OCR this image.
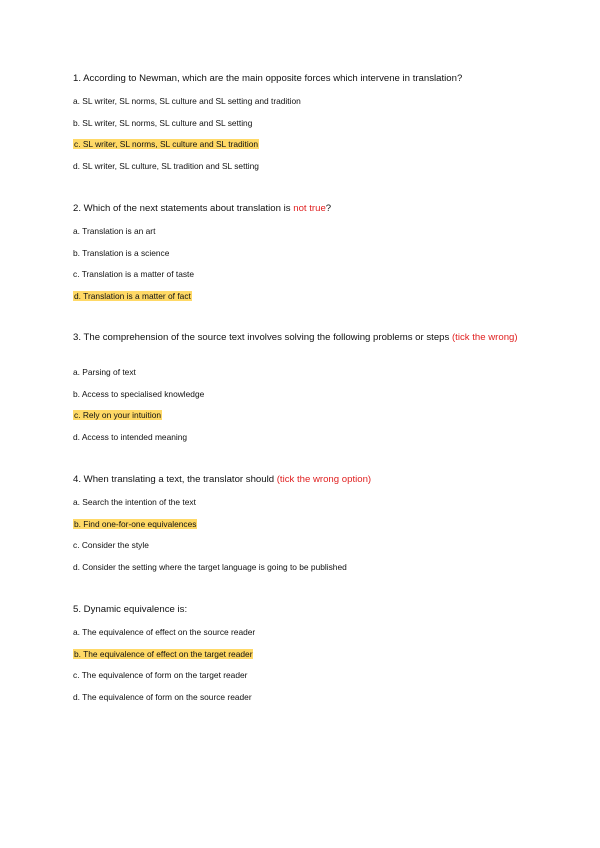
1. According to Newman, which are the main opposite forces which intervene in translation?
a. SL writer, SL norms, SL culture and SL setting and tradition
b. SL writer, SL norms, SL culture and SL setting
c. SL writer, SL norms, SL culture and SL tradition
d. SL writer, SL culture, SL tradition and SL setting
2. Which of the next statements about translation is not true?
a. Translation is an art
b. Translation is a science
c. Translation is a matter of taste
d. Translation is a matter of fact
3. The comprehension of the source text involves solving the following problems or steps (tick the wrong)
a. Parsing of text
b. Access to specialised knowledge
c. Rely on your intuition
d. Access to intended meaning
4. When translating a text, the translator should (tick the wrong option)
a. Search the intention of the text
b. Find one-for-one equivalences
c. Consider the style
d. Consider the setting where the target language is going to be published
5. Dynamic equivalence is:
a. The equivalence of effect on the source reader
b. The equivalence of effect on the target reader
c. The equivalence of form on the target reader
d. The equivalence of form on the source reader
